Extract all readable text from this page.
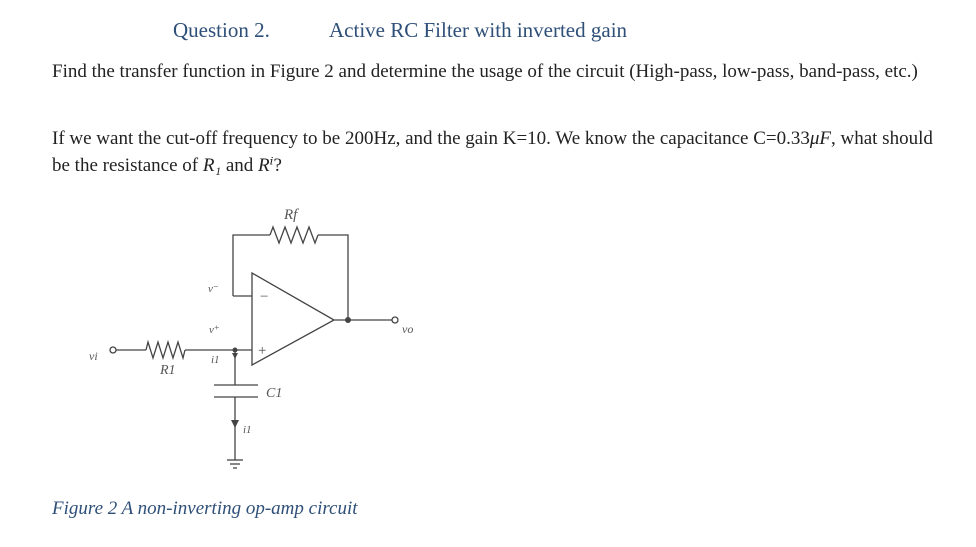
Question 2.	Active RC Filter with inverted gain
Find the transfer function in Figure 2 and determine the usage of the circuit (High-pass, low-pass, band-pass, etc.)
If we want the cut-off frequency to be 200Hz, and the gain K=10. We know the capacitance C=0.33μF, what should be the resistance of R₁ and Rⁱ?
Rf
v⁻	−
+
v⁺
i1
vi
R1
C1
i1
vo
Figure 2 A non-inverting op-amp circuit
